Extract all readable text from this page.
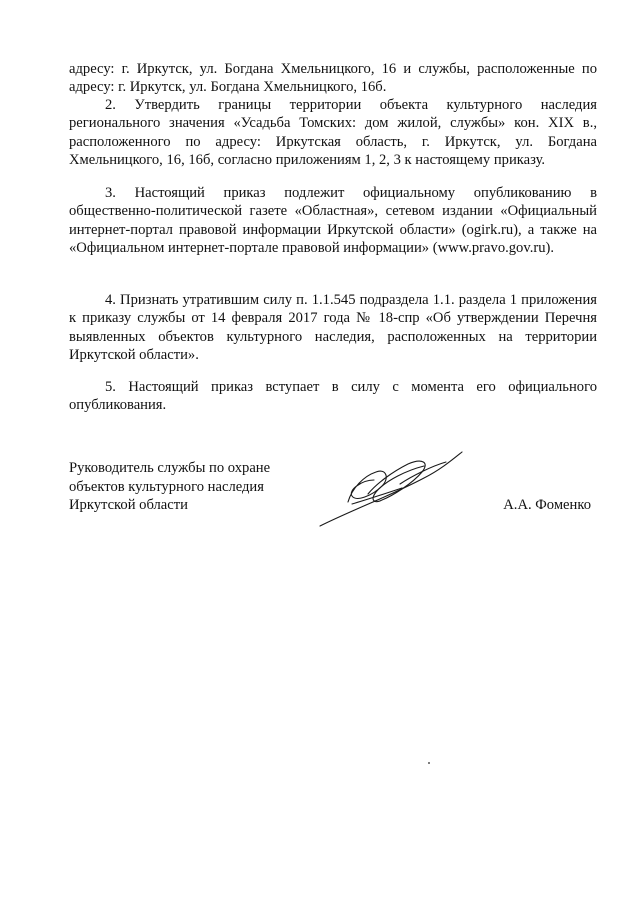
адресу: г. Иркутск, ул. Богдана Хмельницкого, 16 и службы, расположенные по адресу: г. Иркутск, ул. Богдана Хмельницкого, 16б.

2. Утвердить границы территории объекта культурного наследия регионального значения «Усадьба Томских: дом жилой, службы» кон. XIX в., расположенного по адресу: Иркутская область, г. Иркутск, ул. Богдана Хмельницкого, 16, 16б, согласно приложениям 1, 2, 3 к настоящему приказу.

3. Настоящий приказ подлежит официальному опубликованию в общественно-политической газете «Областная», сетевом издании «Официальный интернет-портал правовой информации Иркутской области» (ogirk.ru), а также на «Официальном интернет-портале правовой информации» (www.pravo.gov.ru).

4. Признать утратившим силу п. 1.1.545 подраздела 1.1. раздела 1 приложения к приказу службы от 14 февраля 2017 года № 18-спр «Об утверждении Перечня выявленных объектов культурного наследия, расположенных на территории Иркутской области».

5. Настоящий приказ вступает в силу с момента его официального опубликования.

Руководитель службы по охране
объектов культурного наследия
Иркутской области	А.А. Фоменко
